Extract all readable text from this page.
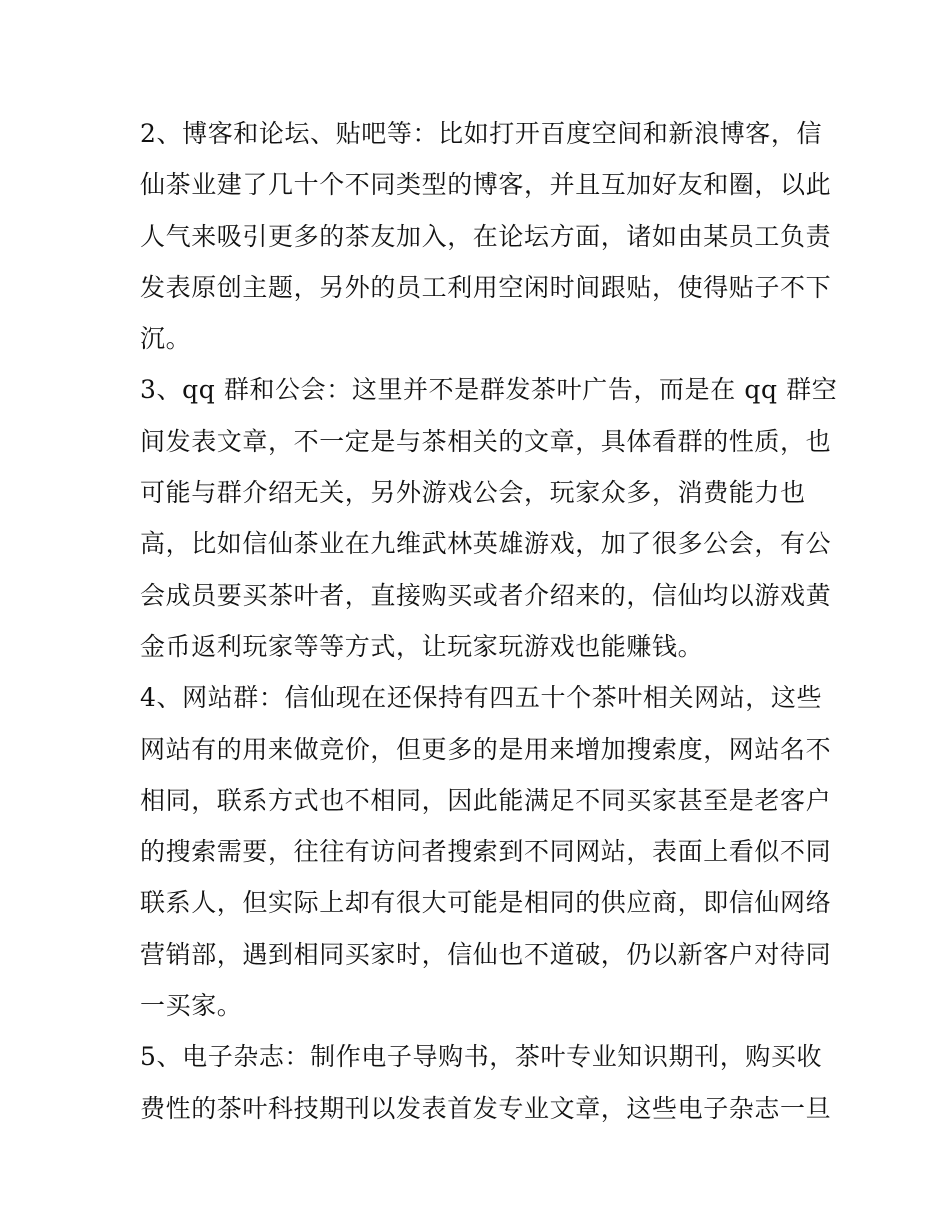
2、博客和论坛、贴吧等：比如打开百度空间和新浪博客，信
仙茶业建了几十个不同类型的博客，并且互加好友和圈，以此
人气来吸引更多的茶友加入，在论坛方面，诸如由某员工负责
发表原创主题，另外的员工利用空闲时间跟贴，使得贴子不下
沉。
3、qq 群和公会：这里并不是群发茶叶广告，而是在 qq 群空
间发表文章，不一定是与茶相关的文章，具体看群的性质，也
可能与群介绍无关，另外游戏公会，玩家众多，消费能力也
高，比如信仙茶业在九维武林英雄游戏，加了很多公会，有公
会成员要买茶叶者，直接购买或者介绍来的，信仙均以游戏黄
金币返利玩家等等方式，让玩家玩游戏也能赚钱。
4、网站群：信仙现在还保持有四五十个茶叶相关网站，这些
网站有的用来做竞价，但更多的是用来增加搜索度，网站名不
相同，联系方式也不相同，因此能满足不同买家甚至是老客户
的搜索需要，往往有访问者搜索到不同网站，表面上看似不同
联系人，但实际上却有很大可能是相同的供应商，即信仙网络
营销部，遇到相同买家时，信仙也不道破，仍以新客户对待同
一买家。
5、电子杂志：制作电子导购书，茶叶专业知识期刊，购买收
费性的茶叶科技期刊以发表首发专业文章，这些电子杂志一旦
